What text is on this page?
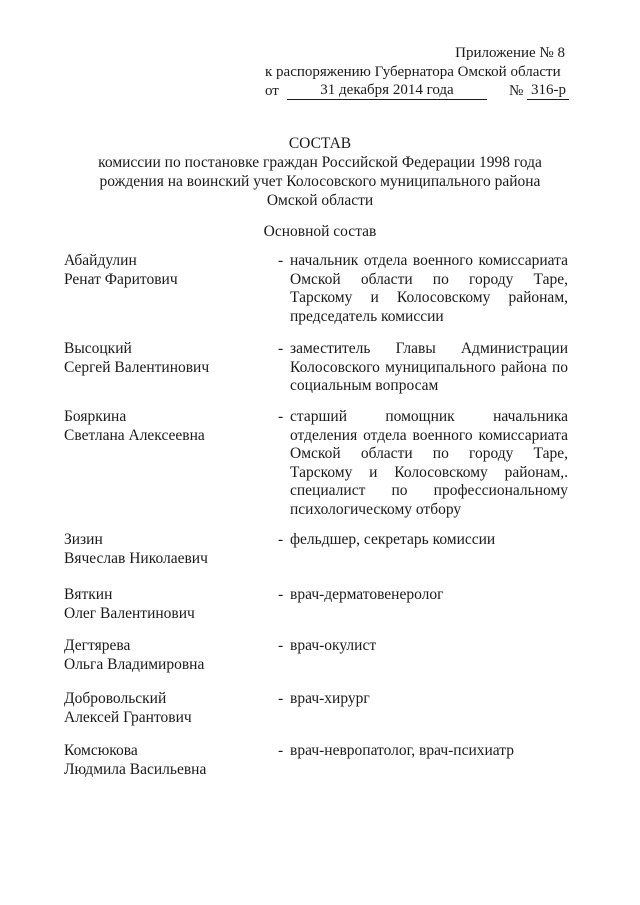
Приложение № 8
к распоряжению Губернатора Омской области
от	31 декабря 2014 года	№ 316-р
СОСТАВ
комиссии по постановке граждан Российской Федерации 1998 года
рождения на воинский учет Колосовского муниципального района
Омской области
Основной состав
Абайдулин
Ренат Фаритович
- начальник отдела военного комиссариата Омской области по городу Таре, Тарскому и Колосовскому районам, председатель комиссии
Высоцкий
Сергей Валентинович
- заместитель Главы Администрации Колосовского муниципального района по социальным вопросам
Бояркина
Светлана Алексеевна
- старший помощник начальника отделения отдела военного комиссариата Омской области по городу Таре, Тарскому и Колосовскому районам,. специалист по профессиональному психологическому отбору
Зизин
Вячеслав Николаевич
- фельдшер, секретарь комиссии
Вяткин
Олег Валентинович
- врач-дерматовенеролог
Дегтярева
Ольга Владимировна
- врач-окулист
Добровольский
Алексей Грантович
- врач-хирург
Комсюкова
Людмила Васильевна
- врач-невропатолог, врач-психиатр
